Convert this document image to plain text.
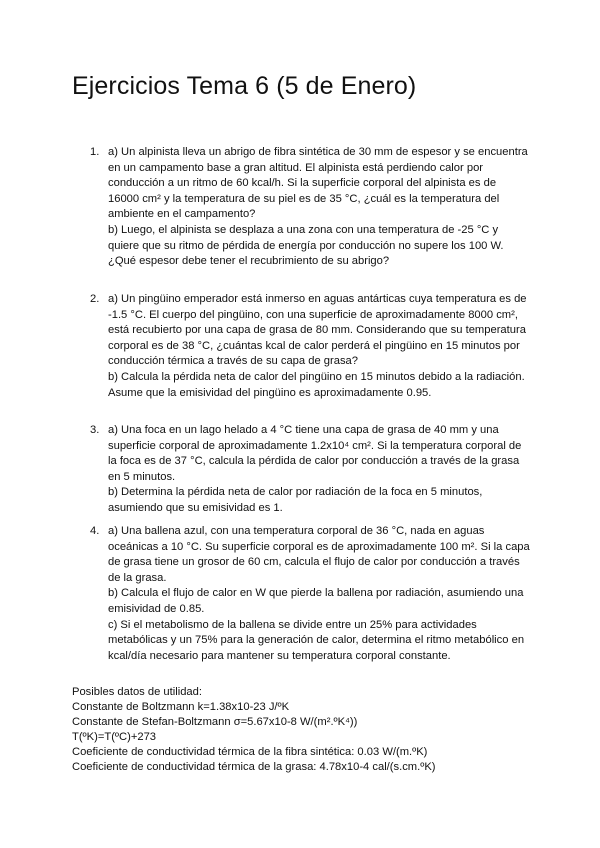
Ejercicios Tema 6 (5 de Enero)
1. a) Un alpinista lleva un abrigo de fibra sintética de 30 mm de espesor y se encuentra en un campamento base a gran altitud. El alpinista está perdiendo calor por conducción a un ritmo de 60 kcal/h. Si la superficie corporal del alpinista es de 16000 cm² y la temperatura de su piel es de 35 °C, ¿cuál es la temperatura del ambiente en el campamento?

b) Luego, el alpinista se desplaza a una zona con una temperatura de -25 °C y quiere que su ritmo de pérdida de energía por conducción no supere los 100 W. ¿Qué espesor debe tener el recubrimiento de su abrigo?

2. a) Un pingüino emperador está inmerso en aguas antárticas cuya temperatura es de -1.5 °C. El cuerpo del pingüino, con una superficie de aproximadamente 8000 cm², está recubierto por una capa de grasa de 80 mm. Considerando que su temperatura corporal es de 38 °C, ¿cuántas kcal de calor perderá el pingüino en 15 minutos por conducción térmica a través de su capa de grasa?

b) Calcula la pérdida neta de calor del pingüino en 15 minutos debido a la radiación. Asume que la emisividad del pingüino es aproximadamente 0.95.

3. a) Una foca en un lago helado a 4 °C tiene una capa de grasa de 40 mm y una superficie corporal de aproximadamente 1.2x10⁴ cm². Si la temperatura corporal de la foca es de 37 °C, calcula la pérdida de calor por conducción a través de la grasa en 5 minutos.

b) Determina la pérdida neta de calor por radiación de la foca en 5 minutos, asumiendo que su emisividad es 1.

4. a) Una ballena azul, con una temperatura corporal de 36 °C, nada en aguas oceánicas a 10 °C. Su superficie corporal es de aproximadamente 100 m². Si la capa de grasa tiene un grosor de 60 cm, calcula el flujo de calor por conducción a través de la grasa.

b) Calcula el flujo de calor en W que pierde la ballena por radiación, asumiendo una emisividad de 0.85.

c) Si el metabolismo de la ballena se divide entre un 25% para actividades metabólicas y un 75% para la generación de calor, determina el ritmo metabólico en kcal/día necesario para mantener su temperatura corporal constante.

Posibles datos de utilidad:

Constante de Boltzmann k=1.38x10-23 J/ºK

Constante de Stefan-Boltzmann σ=5.67x10-8 W/(m².ºK⁴))

T(ºK)=T(ºC)+273

Coeficiente de conductividad térmica de la fibra sintética: 0.03 W/(m.ºK)

Coeficiente de conductividad térmica de la grasa: 4.78x10-4 cal/(s.cm.ºK)
